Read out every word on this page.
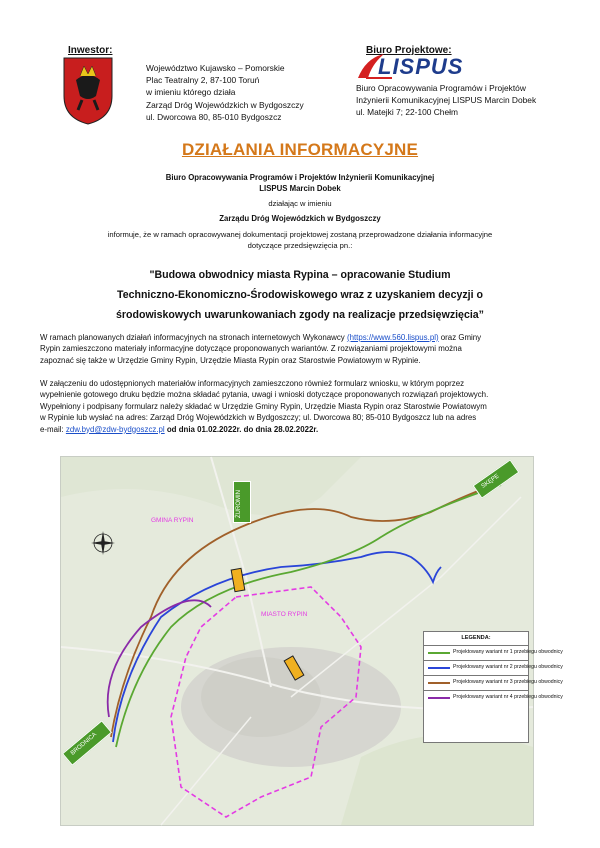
Inwestor:
Województwo Kujawsko – Pomorskie
Plac Teatralny 2, 87-100 Toruń
w imieniu którego działa
Zarząd Dróg Wojewódzkich w Bydgoszczy
ul. Dworcowa 80, 85-010 Bydgoszcz
Biuro Projektowe:
LISPUS
Biuro Opracowywania Programów i Projektów
Inżynierii Komunikacyjnej LISPUS Marcin Dobek
ul. Matejki 7; 22-100 Chełm
DZIAŁANIA INFORMACYJNE
Biuro Opracowywania Programów i Projektów Inżynierii Komunikacyjnej
LISPUS Marcin Dobek
działając w imieniu
Zarządu Dróg Wojewódzkich w Bydgoszczy
informuje, że w ramach opracowywanej dokumentacji projektowej zostaną przeprowadzone działania informacyjne
dotyczące przedsięwzięcia pn.:
"Budowa obwodnicy miasta Rypina – opracowanie Studium
Techniczno-Ekonomiczno-Środowiskowego wraz z uzyskaniem decyzji o
środowiskowych uwarunkowaniach zgody na realizacje przedsięwzięcia”
W ramach planowanych działań informacyjnych na stronach internetowych Wykonawcy (https://www.560.lispus.pl) oraz Gminy
Rypin zamieszczono materiały informacyjne dotyczące proponowanych wariantów. Z rozwiązaniami projektowymi można
zapoznać się także w Urzędzie Gminy Rypin, Urzędzie Miasta Rypin oraz Starostwie Powiatowym w Rypinie.
W załączeniu do udostępnionych materiałów informacyjnych zamieszczono również formularz wniosku, w którym poprzez
wypełnienie gotowego druku będzie można składać pytania, uwagi i wnioski dotyczące proponowanych rozwiązań projektowych.
Wypełniony i podpisany formularz należy składać w Urzędzie Gminy Rypin, Urzędzie Miasta Rypin oraz Starostwie Powiatowym
w Rypinie lub wysłać na adres: Zarząd Dróg Wojewódzkich w Bydgoszczy; ul. Dworcowa 80; 85-010 Bydgoszcz lub na adres
e-mail: zdw.byd@zdw-bydgoszcz.pl od dnia 01.02.2022r. do dnia 28.02.2022r.
GMINA RYPIN
MIASTO RYPIN
ŻUROMIN
SKĘPE
BRODNICA
LEGENDA:
Projektowany wariant nr 1 przebiegu obwodnicy
Projektowany wariant nr 2 przebiegu obwodnicy
Projektowany wariant nr 3 przebiegu obwodnicy
Projektowany wariant nr 4 przebiegu obwodnicy
